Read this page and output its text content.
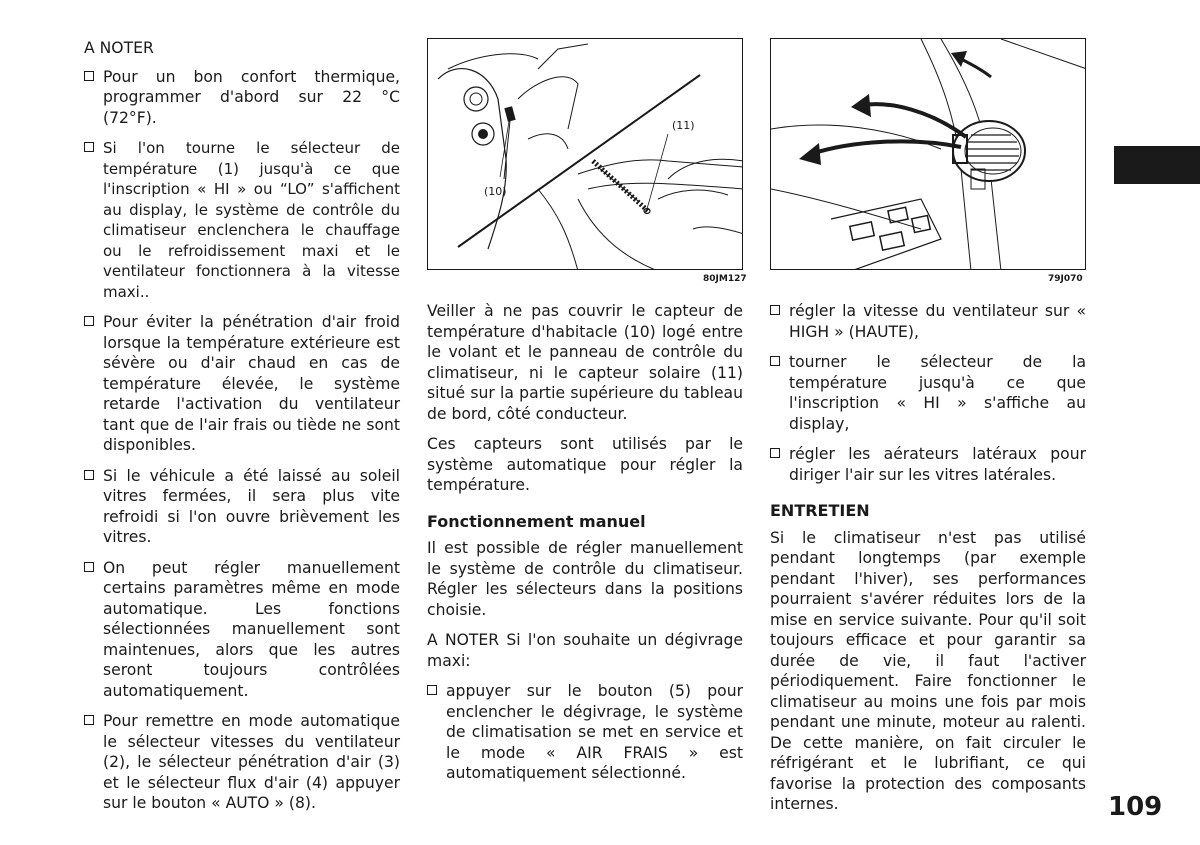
A NOTER

Pour un bon confort thermique, programmer d'abord sur 22 °C (72°F).
Si l'on tourne le sélecteur de température (1) jusqu'à ce que l'inscription « HI » ou “LO” s'affichent au display, le système de contrôle du climatiseur enclenchera le chauffage ou le refroidissement maxi et le ventilateur fonctionnera à la vitesse maxi..
Pour éviter la pénétration d'air froid lorsque la température extérieure est sévère ou d'air chaud en cas de température élevée, le système retarde l'activation du ventilateur tant que de l'air frais ou tiède ne sont disponibles.
Si le véhicule a été laissé au soleil vitres fermées, il sera plus vite refroidi si l'on ouvre brièvement les vitres.
On peut régler manuellement certains paramètres même en mode automatique. Les fonctions sélectionnées manuellement sont maintenues, alors que les autres seront toujours contrôlées automatiquement.
Pour remettre en mode automatique le sélecteur vitesses du ventilateur (2), le sélecteur pénétration d'air (3) et le sélecteur flux d'air (4) appuyer sur le bouton « AUTO » (8).
(11)
(10)
80JM127	79J070

Veiller à ne pas couvrir le capteur de température d'habitacle (10) logé entre le volant et le panneau de contrôle du climatiseur, ni le capteur solaire (11) situé sur la partie supérieure du tableau de bord, côté conducteur.

Ces capteurs sont utilisés par le système automatique pour régler la température.

Fonctionnement manuel

Il est possible de régler manuellement le système de contrôle du climatiseur. Régler les sélecteurs dans la positions choisie.

A NOTER Si l'on souhaite un dégivrage maxi:

appuyer sur le bouton (5) pour enclencher le dégivrage, le système de climatisation se met en service et le mode « AIR FRAIS » est automatiquement sélectionné.
régler la vitesse du ventilateur sur « HIGH » (HAUTE),
tourner le sélecteur de la température jusqu'à ce que l'inscription « HI » s'affiche au display,
régler les aérateurs latéraux pour diriger l'air sur les vitres latérales.
ENTRETIEN

Si le climatiseur n'est pas utilisé pendant longtemps (par exemple pendant l'hiver), ses performances pourraient s'avérer réduites lors de la mise en service suivante. Pour qu'il soit toujours efficace et pour garantir sa durée de vie, il faut l'activer périodiquement. Faire fonctionner le climatiseur au moins une fois par mois pendant une minute, moteur au ralenti. De cette manière, on fait circuler le réfrigérant et le lubrifiant, ce qui favorise la protection des composants internes.	109
